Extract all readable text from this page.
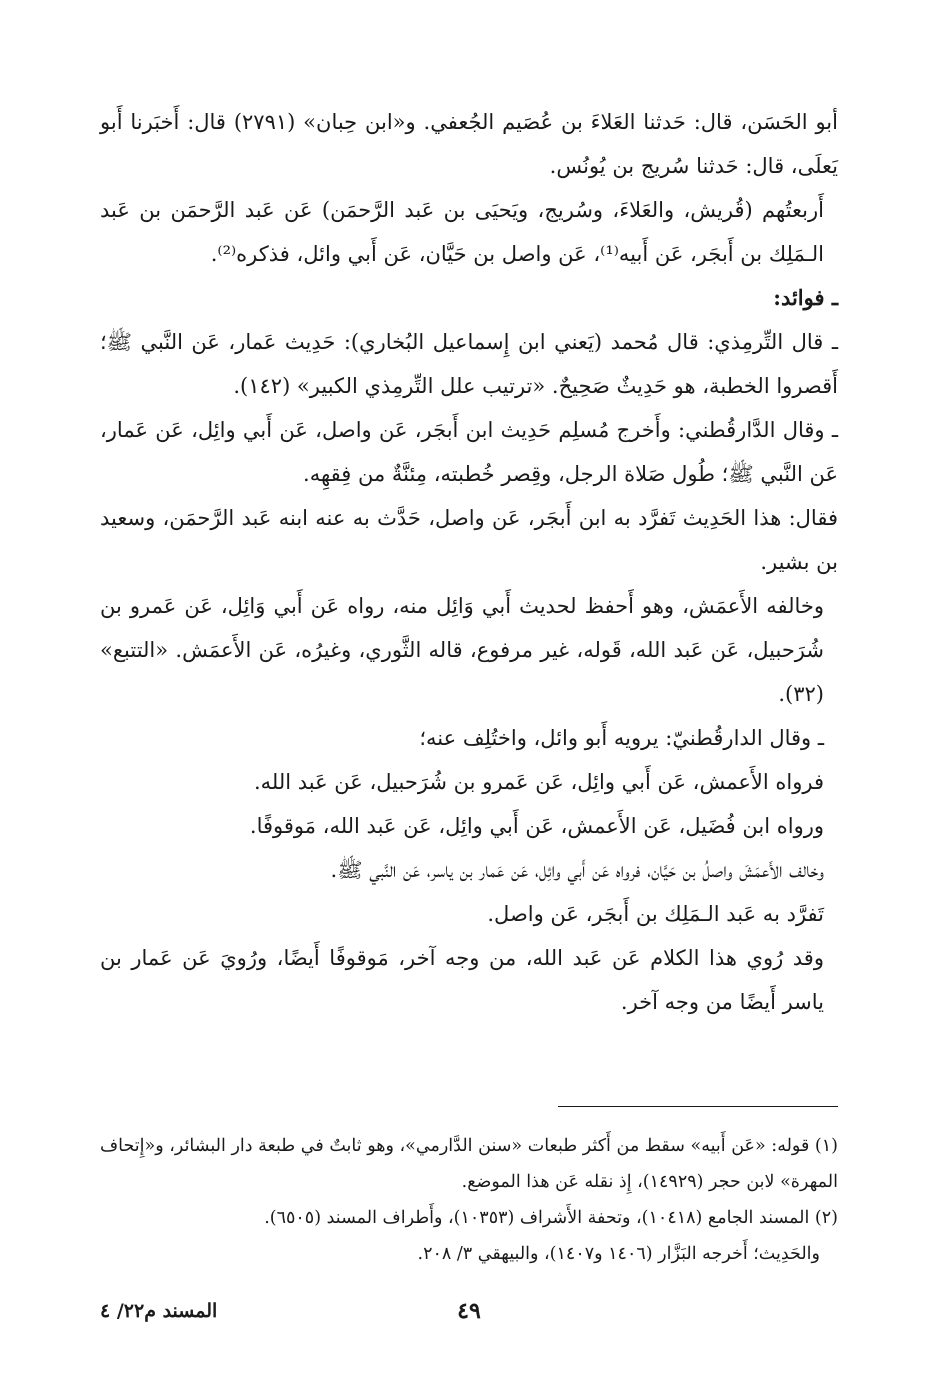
أبو الحَسَن، قال: حَدثنا العَلاءَ بن عُصَيم الجُعفي. و«ابن حِبان» (٢٧٩١) قال: أَخبَرنا أَبو يَعلَى، قال: حَدثنا سُريج بن يُونُس.

أَربعتُهم (قُريش، والعَلاءَ، وسُريج، ويَحيَى بن عَبد الرَّحمَن) عَن عَبد الرَّحمَن بن عَبد الـمَلِك بن أَبجَر، عَن أَبيه⁽¹⁾، عَن واصل بن حَيَّان، عَن أَبي وائل، فذكره⁽²⁾.

ـ فوائد:

ـ قال التِّرمِذي: قال مُحمد (يَعني ابن إِسماعيل البُخاري): حَدِيث عَمار، عَن النَّبي ﷺ؛ أَقصروا الخطبة، هو حَدِيثٌ صَحِيحٌ. «ترتيب علل التِّرمِذي الكبير» (١٤٢).

ـ وقال الدَّارقُطني: وأَخرج مُسلِم حَدِيث ابن أَبجَر، عَن واصل، عَن أَبي وائِل، عَن عَمار، عَن النَّبي ﷺ؛ طُول صَلاة الرجل، وقِصر خُطبته، مِئنَّةٌ من فِقهِه.

فقال: هذا الحَدِيث تَفرَّد به ابن أَبجَر، عَن واصل، حَدَّث به عنه ابنه عَبد الرَّحمَن، وسعيد بن بشير.

وخالفه الأَعمَش، وهو أَحفظ لحديث أَبي وَائِل منه، رواه عَن أَبي وَائِل، عَن عَمرو بن شُرَحبيل، عَن عَبد الله، قَوله، غير مرفوع، قاله الثَّوري، وغيرُه، عَن الأَعمَش. «التتبع» (٣٢).

ـ وقال الدارقُطنيّ: يرويه أَبو وائل، واختُلِف عنه؛

فرواه الأَعمش، عَن أَبي وائِل، عَن عَمرو بن شُرَحبيل، عَن عَبد الله.

ورواه ابن فُضَيل، عَن الأَعمش، عَن أَبي وائِل، عَن عَبد الله، مَوقوفًا.

وخالف الأَعمَشَ واصلُ بن حَيَّان، فرواه عَن أَبي وائِل، عَن عَمار بن ياسر، عَن النَّبي ﷺ.

تَفرَّد به عَبد الـمَلِك بن أَبجَر، عَن واصل.

وقد رُوي هذا الكلام عَن عَبد الله، من وجه آخر، مَوقوفًا أَيضًا، ورُويَ عَن عَمار بن ياسر أَيضًا من وجه آخر.

(١) قوله: «عَن أَبيه» سقط من أَكثر طبعات «سنن الدَّارمي»، وهو ثابتٌ في طبعة دار البشائر، و«إِتحاف المهرة» لابن حجر (١٤٩٢٩)، إِذ نقله عَن هذا الموضع.

(٢) المسند الجامع (١٠٤١٨)، وتحفة الأَشراف (١٠٣٥٣)، وأَطراف المسند (٦٥٠٥).

والحَدِيث؛ أَخرجه البَزَّار (١٤٠٦ و١٤٠٧)، والبيهقي ٣/ ٢٠٨.

المسند م٢٢/ ٤	٤٩
